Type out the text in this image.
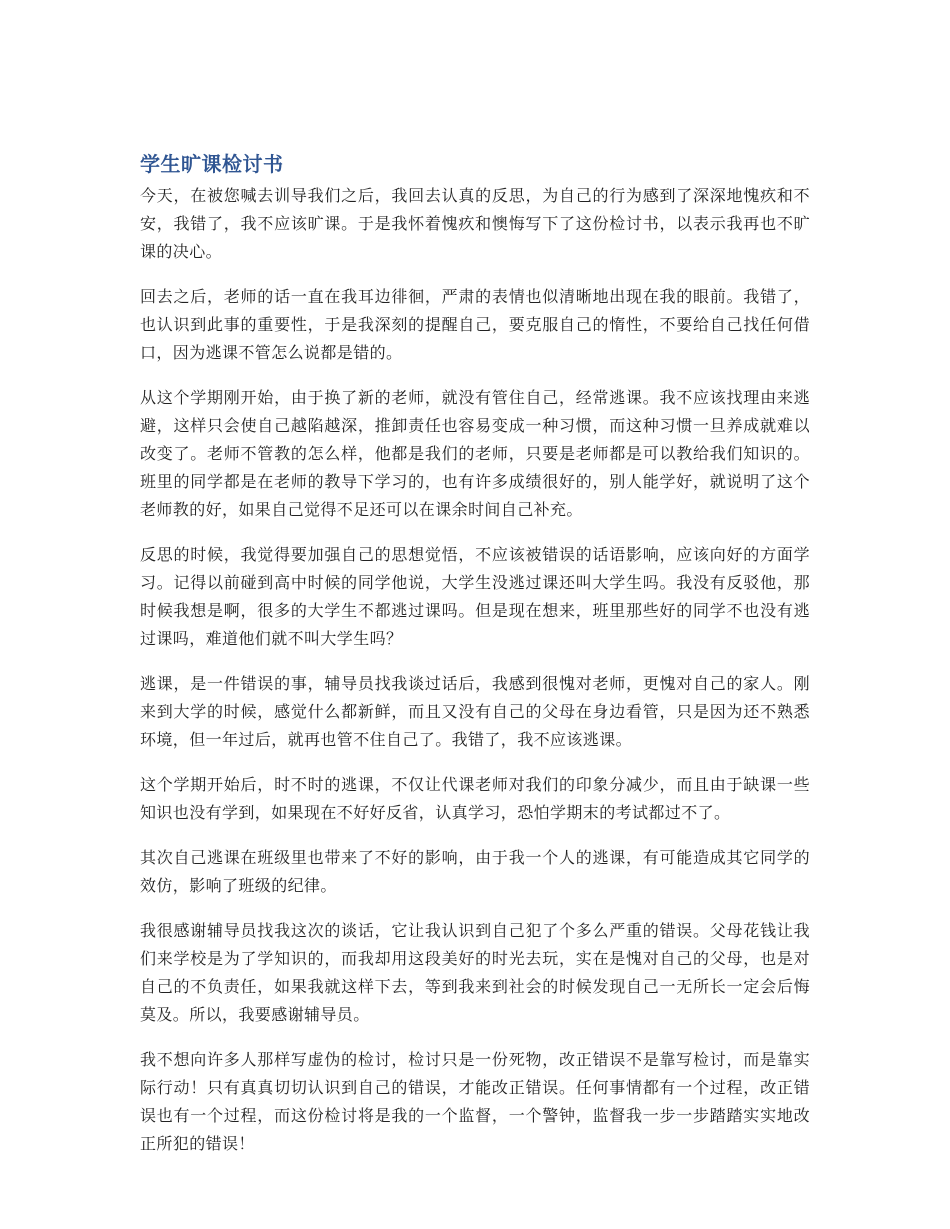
学生旷课检讨书

今天，在被您喊去训导我们之后，我回去认真的反思，为自己的行为感到了深深地愧疚和不安，我错了，我不应该旷课。于是我怀着愧疚和懊悔写下了这份检讨书，以表示我再也不旷课的决心。

回去之后，老师的话一直在我耳边徘徊，严肃的表情也似清晰地出现在我的眼前。我错了，也认识到此事的重要性，于是我深刻的提醒自己，要克服自己的惰性，不要给自己找任何借口，因为逃课不管怎么说都是错的。

从这个学期刚开始，由于换了新的老师，就没有管住自己，经常逃课。我不应该找理由来逃避，这样只会使自己越陷越深，推卸责任也容易变成一种习惯，而这种习惯一旦养成就难以改变了。老师不管教的怎么样，他都是我们的老师，只要是老师都是可以教给我们知识的。班里的同学都是在老师的教导下学习的，也有许多成绩很好的，别人能学好，就说明了这个老师教的好，如果自己觉得不足还可以在课余时间自己补充。

反思的时候，我觉得要加强自己的思想觉悟，不应该被错误的话语影响，应该向好的方面学习。记得以前碰到高中时候的同学他说，大学生没逃过课还叫大学生吗。我没有反驳他，那时候我想是啊，很多的大学生不都逃过课吗。但是现在想来，班里那些好的同学不也没有逃过课吗，难道他们就不叫大学生吗？

逃课，是一件错误的事，辅导员找我谈过话后，我感到很愧对老师，更愧对自己的家人。刚来到大学的时候，感觉什么都新鲜，而且又没有自己的父母在身边看管，只是因为还不熟悉环境，但一年过后，就再也管不住自己了。我错了，我不应该逃课。

这个学期开始后，时不时的逃课，不仅让代课老师对我们的印象分减少，而且由于缺课一些知识也没有学到，如果现在不好好反省，认真学习，恐怕学期末的考试都过不了。

其次自己逃课在班级里也带来了不好的影响，由于我一个人的逃课，有可能造成其它同学的效仿，影响了班级的纪律。

我很感谢辅导员找我这次的谈话，它让我认识到自己犯了个多么严重的错误。父母花钱让我们来学校是为了学知识的，而我却用这段美好的时光去玩，实在是愧对自己的父母，也是对自己的不负责任，如果我就这样下去，等到我来到社会的时候发现自己一无所长一定会后悔莫及。所以，我要感谢辅导员。

我不想向许多人那样写虚伪的检讨，检讨只是一份死物，改正错误不是靠写检讨，而是靠实际行动！只有真真切切认识到自己的错误，才能改正错误。任何事情都有一个过程，改正错误也有一个过程，而这份检讨将是我的一个监督，一个警钟，监督我一步一步踏踏实实地改正所犯的错误！
